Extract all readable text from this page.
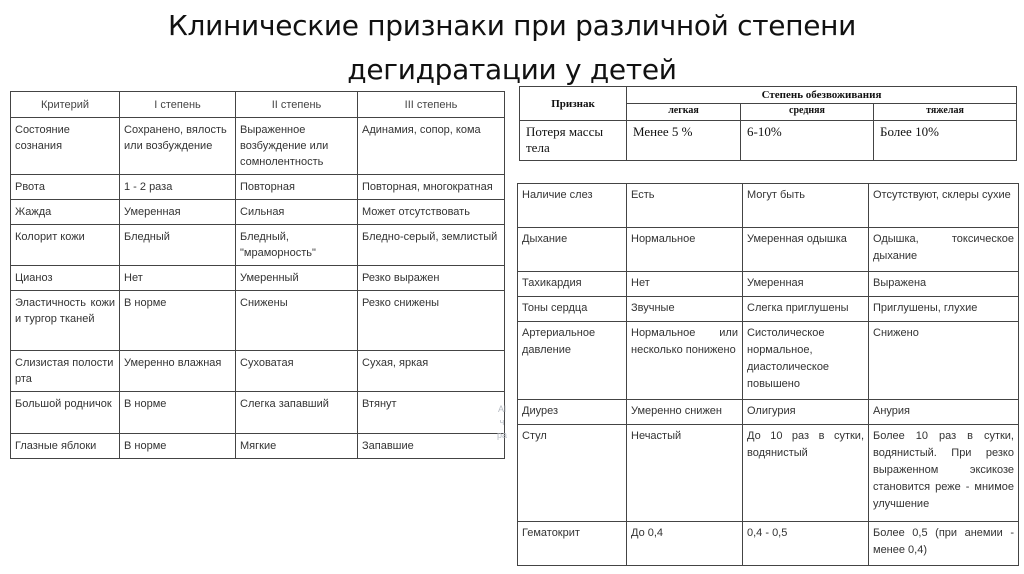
Клинические признаки при различной степени
дегидратации у детей
Критерий	I степень	II степень	III степень
Состояние сознания	Сохранено, вялость или возбуждение	Выраженное возбуждение или сомнолентность	Адинамия, сопор, кома
Рвота	1 - 2 раза	Повторная	Повторная, многократная
Жажда	Умеренная	Сильная	Может отсутствовать
Колорит кожи	Бледный	Бледный, "мраморность"	Бледно-серый, землистый
Цианоз	Нет	Умеренный	Резко выражен
Эластичность кожи и тургор тканей	В норме	Снижены	Резко снижены
Слизистая полости рта	Умеренно влажная	Суховатая	Сухая, яркая
Большой родничок	В норме	Слегка запавший	Втянут
Глазные яблоки	В норме	Мягкие	Запавшие
Al
ч
ра
Признак	Степень обезвоживания		
	легкая	средняя	тяжелая
Потеря массы тела	Менее 5 %	6-10%	Более 10%
Наличие слез	Есть	Могут быть	Отсутствуют, склеры сухие
Дыхание	Нормальное	Умеренная одышка	Одышка, токсическое дыхание
Тахикардия	Нет	Умеренная	Выражена
Тоны сердца	Звучные	Слегка приглушены	Приглушены, глухие
Артериальное давление	Нормальное или несколько понижено	Систолическое нормальное, диастолическое повышено	Снижено
Диурез	Умеренно снижен	Олигурия	Анурия
Стул	Нечастый	До 10 раз в сутки, водянистый	Более 10 раз в сутки, водянистый. При резко выраженном эксикозе становится реже - мнимое улучшение
Гематокрит	До 0,4	0,4 - 0,5	Более 0,5 (при анемии - менее 0,4)
